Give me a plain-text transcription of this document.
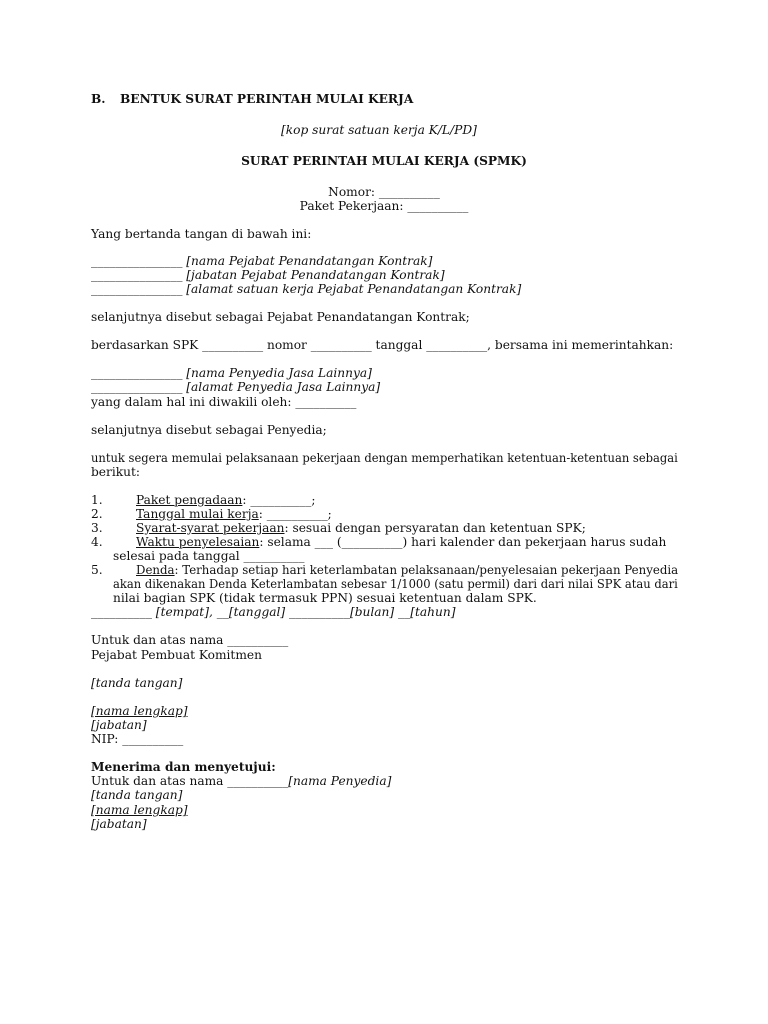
B. BENTUK SURAT PERINTAH MULAI KERJA
[kop surat satuan kerja K/L/PD]
SURAT PERINTAH MULAI KERJA (SPMK)
Nomor: __________
Paket Pekerjaan: __________
Yang bertanda tangan di bawah ini:
_______________ [nama Pejabat Penandatangan Kontrak]
_______________ [jabatan Pejabat Penandatangan Kontrak]
_______________ [alamat satuan kerja Pejabat Penandatangan Kontrak]
selanjutnya disebut sebagai Pejabat Penandatangan Kontrak;
berdasarkan SPK __________ nomor __________ tanggal __________, bersama ini memerintahkan:
_______________ [nama Penyedia Jasa Lainnya]
_______________ [alamat Penyedia Jasa Lainnya]
yang dalam hal ini diwakili oleh: __________
selanjutnya disebut sebagai Penyedia;
untuk segera memulai pelaksanaan pekerjaan dengan memperhatikan ketentuan-ketentuan sebagai
berikut:
1.	Paket pengadaan: __________;
2.	Tanggal mulai kerja: __________;
3.	Syarat-syarat pekerjaan: sesuai dengan persyaratan dan ketentuan SPK;
4.	Waktu penyelesaian: selama ___ (__________) hari kalender dan pekerjaan harus sudah
selesai pada tanggal __________
5.	Denda: Terhadap setiap hari keterlambatan pelaksanaan/penyelesaian pekerjaan Penyedia
akan dikenakan Denda Keterlambatan sebesar 1/1000 (satu permil) dari dari nilai SPK atau dari
nilai bagian SPK (tidak termasuk PPN) sesuai ketentuan dalam SPK.
__________ [tempat], __[tanggal] __________[bulan] __[tahun]
Untuk dan atas nama __________
Pejabat Pembuat Komitmen
[tanda tangan]
[nama lengkap]
[jabatan]
NIP: __________
Menerima dan menyetujui:
Untuk dan atas nama __________[nama Penyedia]
[tanda tangan]
[nama lengkap]
[jabatan]
